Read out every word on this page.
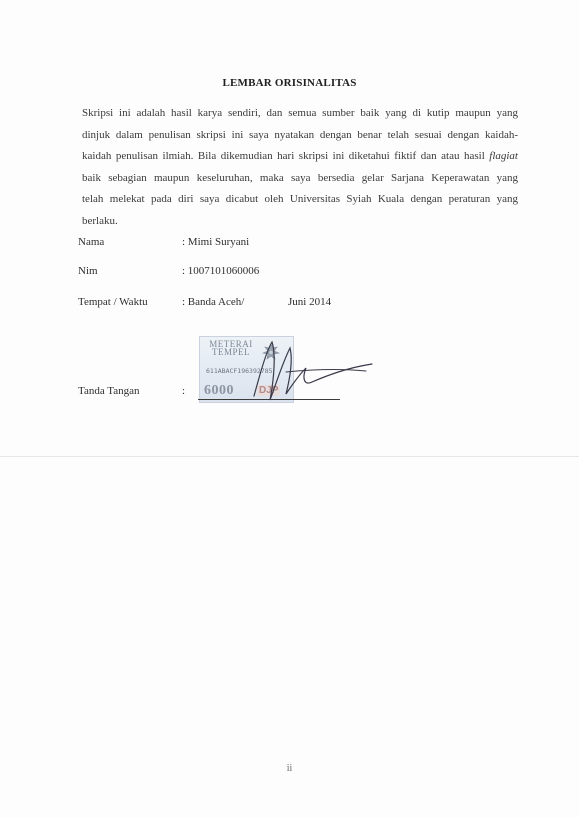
LEMBAR ORISINALITAS

Skripsi ini adalah hasil karya sendiri, dan semua sumber baik yang di kutip maupun yang

dinjuk dalam penulisan skripsi ini saya nyatakan dengan benar telah sesuai dengan kaidah-

kaidah penulisan ilmiah. Bila dikemudian hari skripsi ini diketahui fiktif dan atau hasil flagiat

baik sebagian maupun keseluruhan, maka saya bersedia gelar Sarjana Keperawatan yang

telah melekat pada diri saya dicabut oleh Universitas Syiah Kuala dengan peraturan yang

berlaku.

Nama	: Mimi Suryani
Nim	: 1007101060006
Tempat / Waktu	: Banda Aceh/	Juni 2014
Tanda Tangan	:
METERAI
TEMPEL
611ABACF196392785
6000	DJP
ii
